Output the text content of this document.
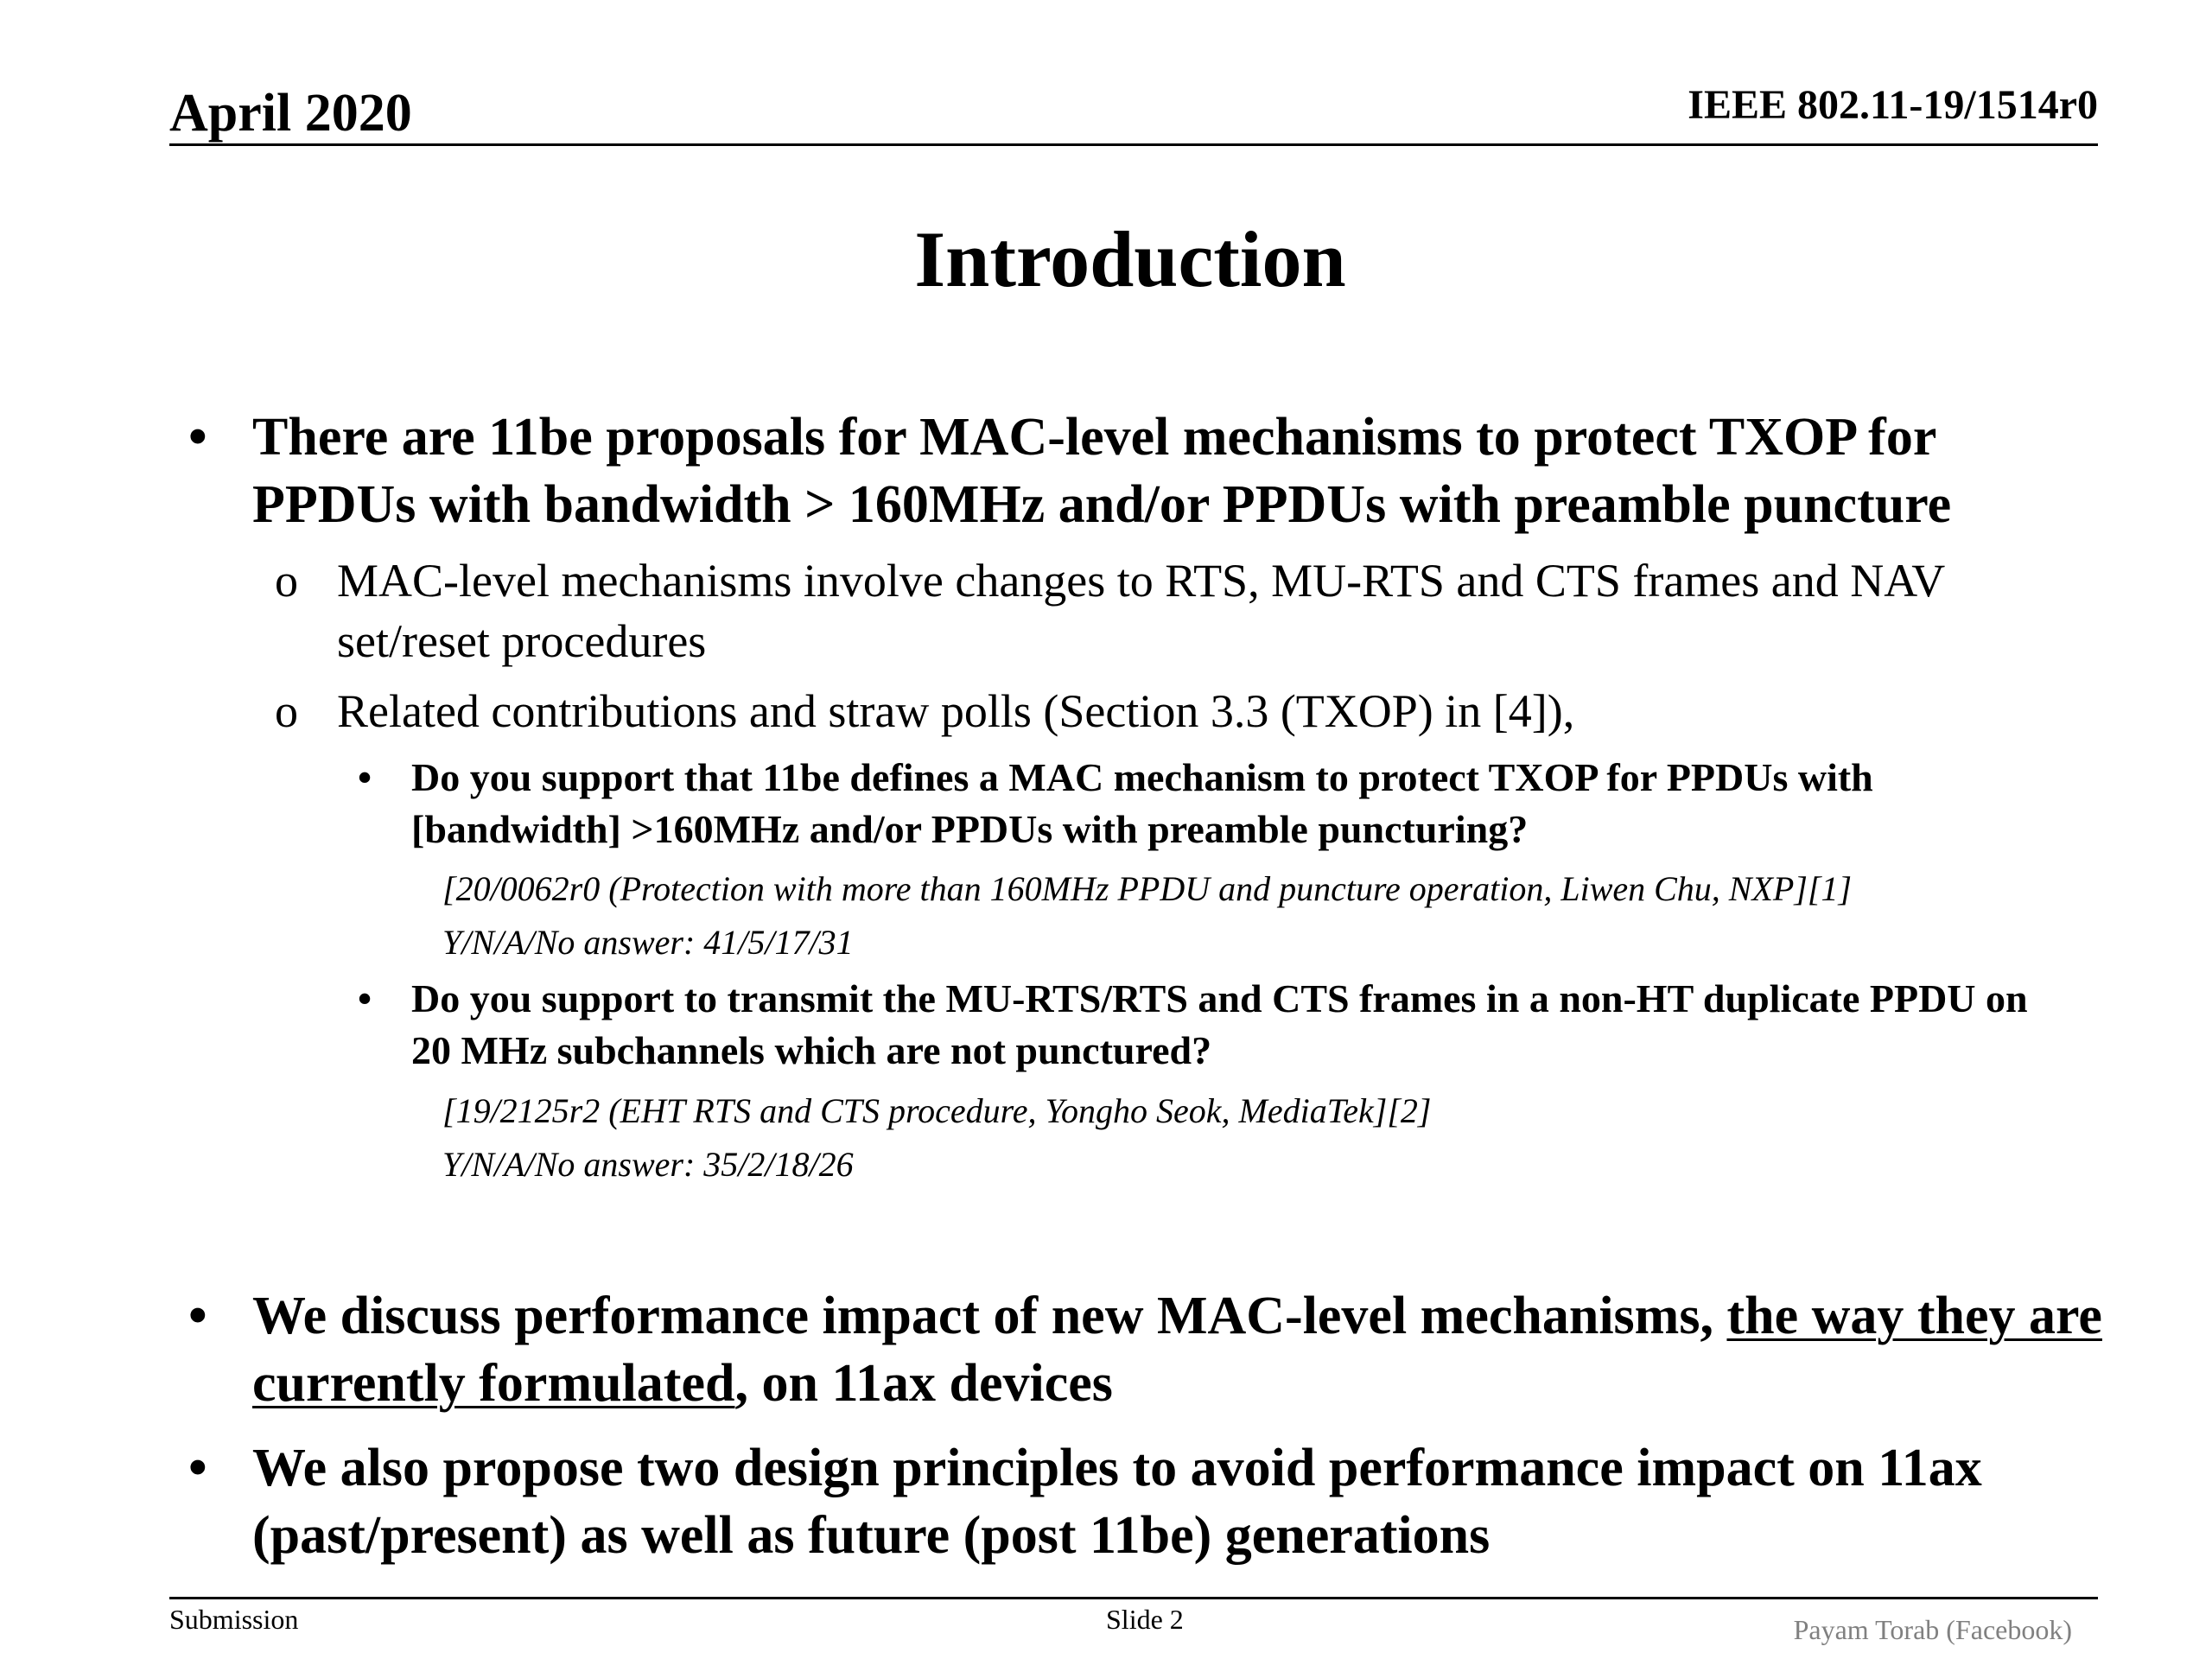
April 2020	IEEE 802.11-19/1514r0
Introduction
• There are 11be proposals for MAC-level mechanisms to protect TXOP for PPDUs with bandwidth > 160MHz and/or PPDUs with preamble puncture
o MAC-level mechanisms involve changes to RTS, MU-RTS and CTS frames and NAV set/reset procedures
o Related contributions and straw polls (Section 3.3 (TXOP) in [4]),
• Do you support that 11be defines a MAC mechanism to protect TXOP for PPDUs with [bandwidth] >160MHz and/or PPDUs with preamble puncturing?
[20/0062r0 (Protection with more than 160MHz PPDU and puncture operation, Liwen Chu, NXP][1]
Y/N/A/No answer: 41/5/17/31
• Do you support to transmit the MU-RTS/RTS and CTS frames in a non-HT duplicate PPDU on 20 MHz subchannels which are not punctured?
[19/2125r2 (EHT RTS and CTS procedure, Yongho Seok, MediaTek][2]
Y/N/A/No answer: 35/2/18/26
• We discuss performance impact of new MAC-level mechanisms, the way they are currently formulated, on 11ax devices
• We also propose two design principles to avoid performance impact on 11ax (past/present) as well as future (post 11be) generations
Submission	Slide 2	Payam Torab (Facebook)
